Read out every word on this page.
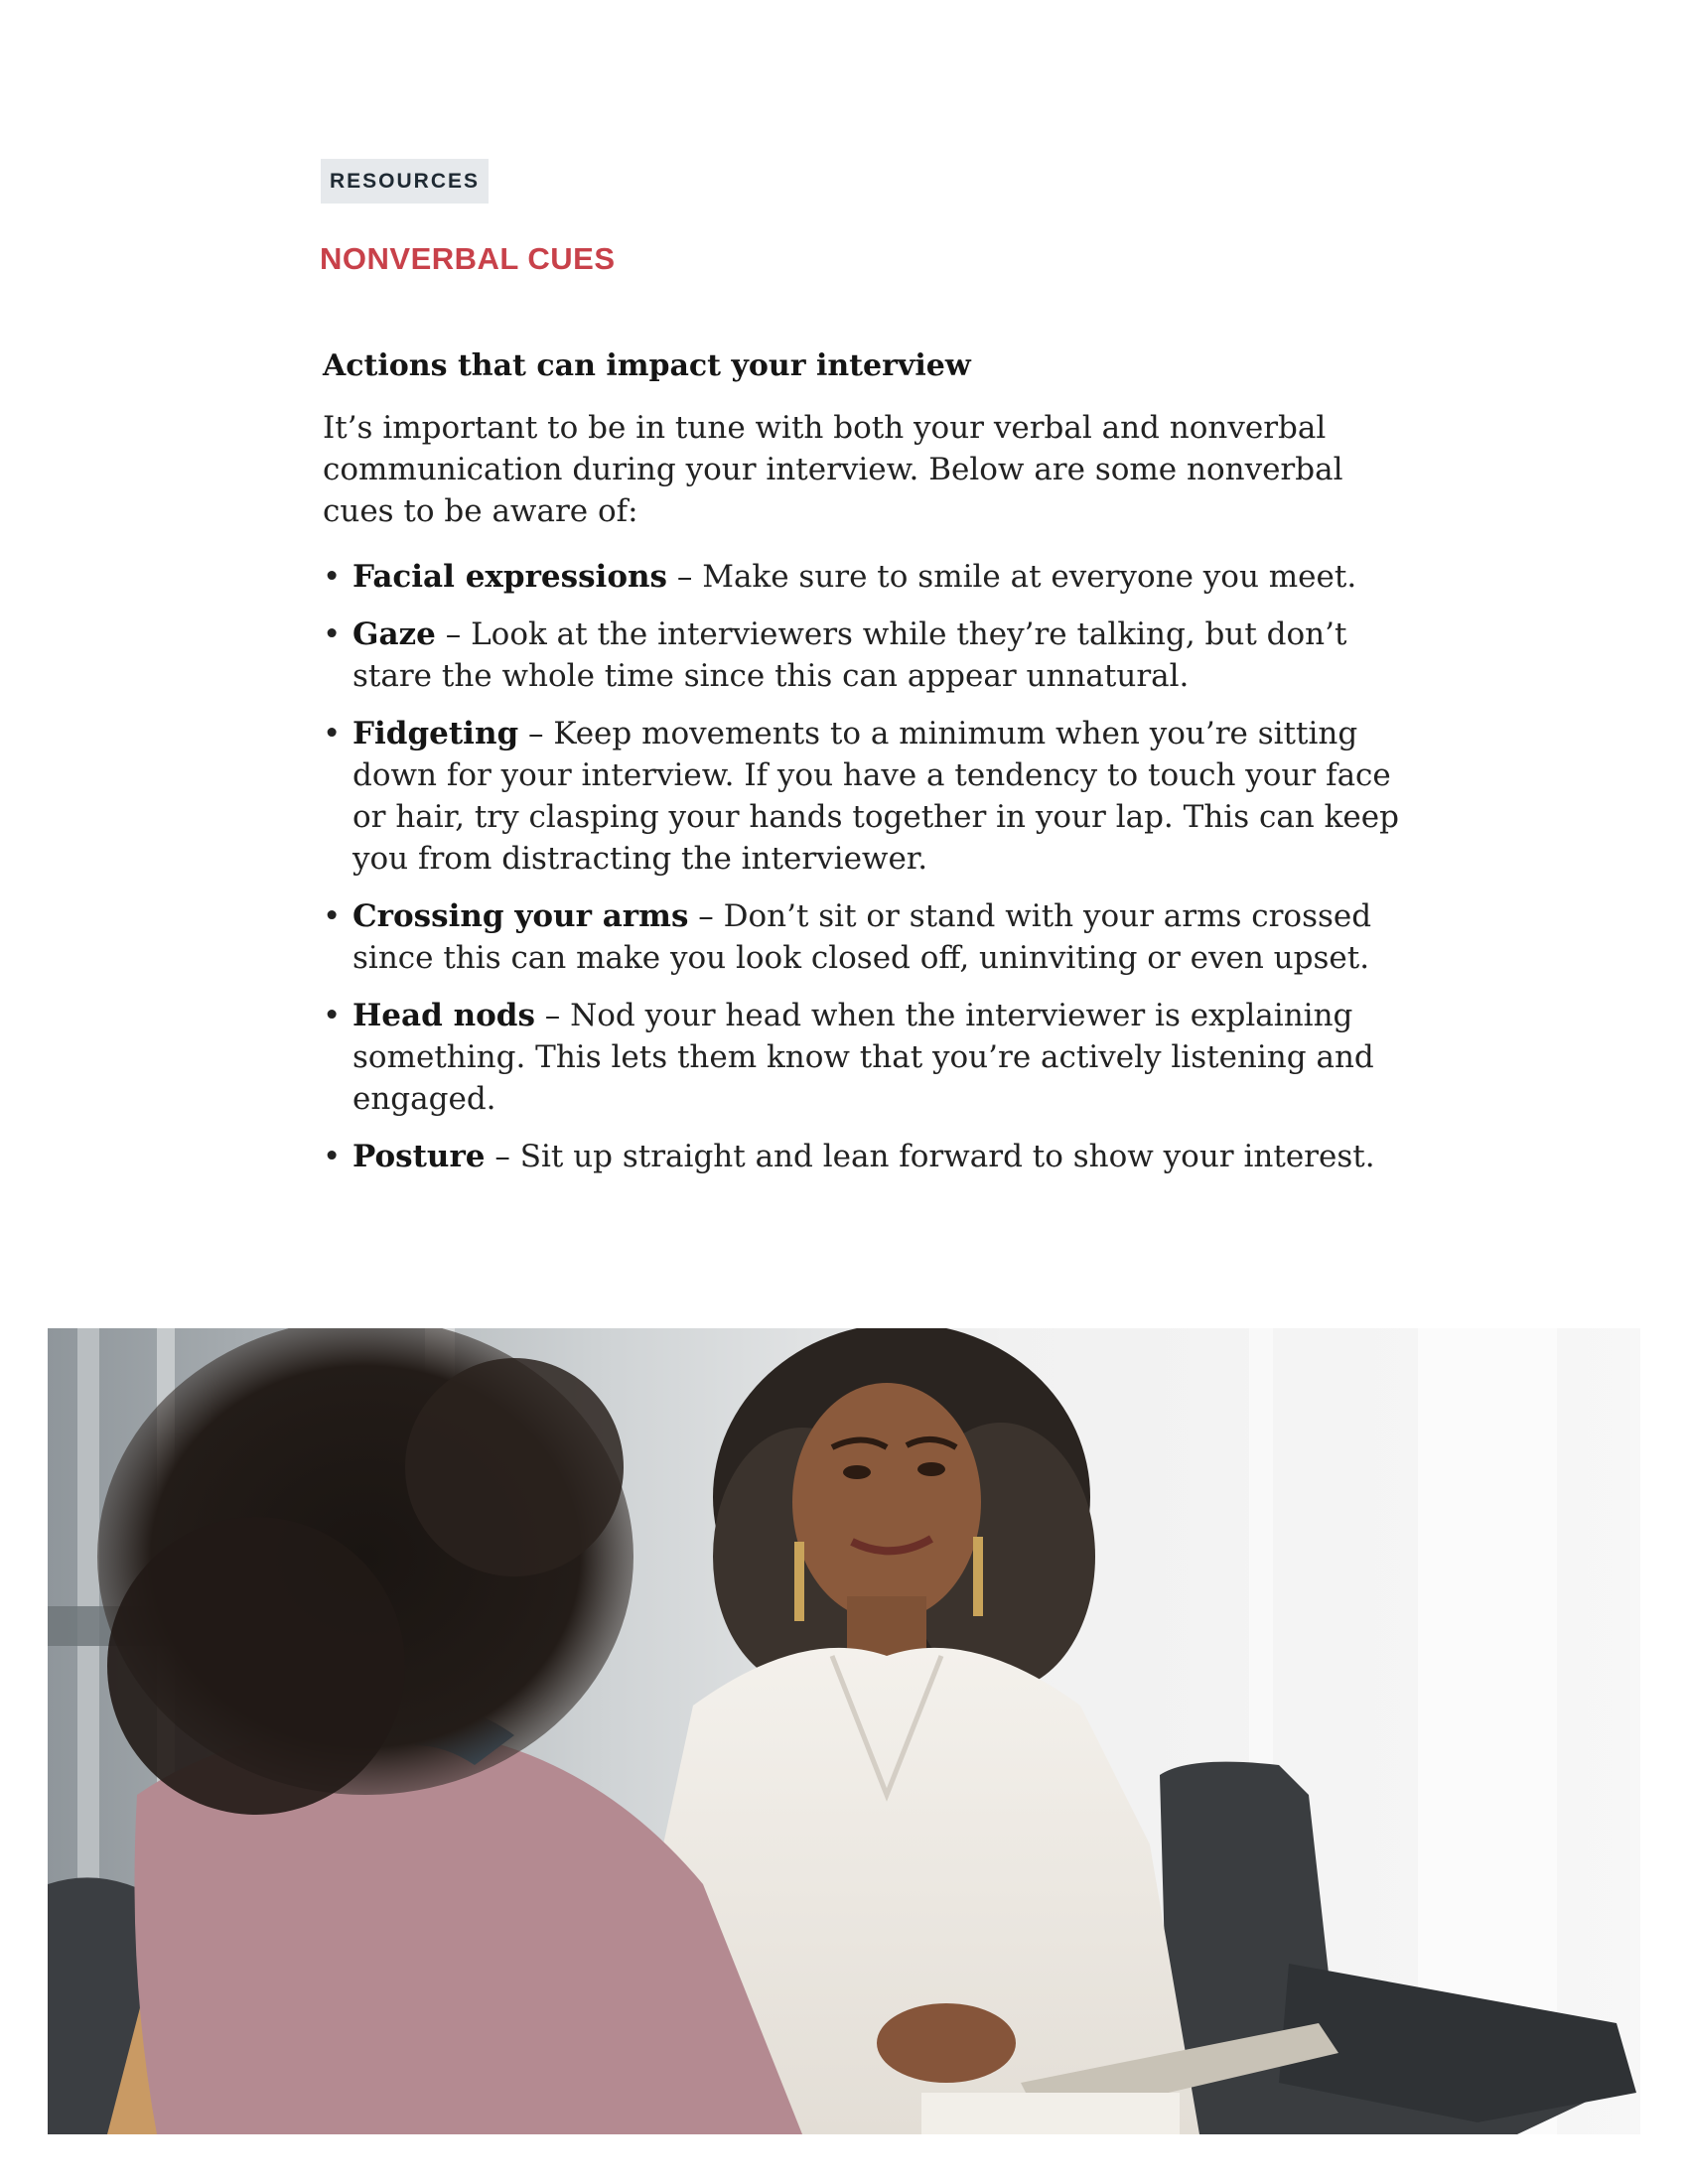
RESOURCES
NONVERBAL CUES
Actions that can impact your interview

It’s important to be in tune with both your verbal and nonverbal communication during your interview. Below are some nonverbal cues to be aware of:

• Facial expressions – Make sure to smile at everyone you meet.
• Gaze – Look at the interviewers while they’re talking, but don’t stare the whole time since this can appear unnatural.
• Fidgeting – Keep movements to a minimum when you’re sitting down for your interview. If you have a tendency to touch your face or hair, try clasping your hands together in your lap. This can keep you from distracting the interviewer.
• Crossing your arms – Don’t sit or stand with your arms crossed since this can make you look closed off, uninviting or even upset.
• Head nods – Nod your head when the interviewer is explaining something. This lets them know that you’re actively listening and engaged.
• Posture – Sit up straight and lean forward to show your interest.
